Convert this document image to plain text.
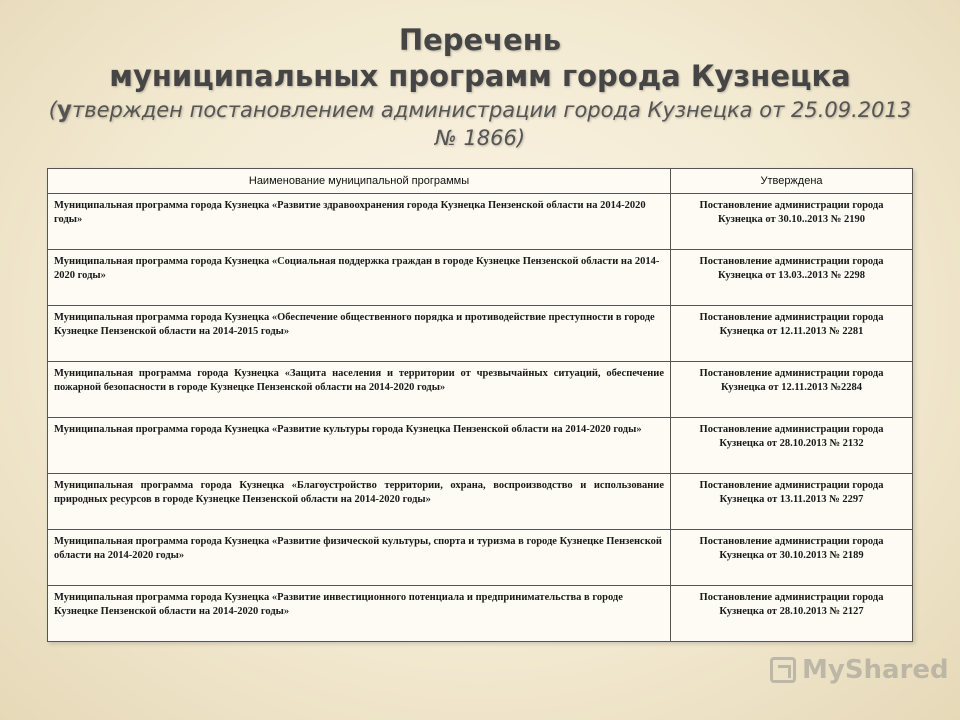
Перечень

муниципальных программ города Кузнецка

(утверждeн постановлением администрации города Кузнецка от 25.09.2013

№ 1866)

Наименование муниципальной программы	Утверждена
Муниципальная программа города Кузнецка «Развитие здравоохранения города Кузнецка Пензенской области на 2014-2020 годы»	Постановление администрации города Кузнецка от 30.10..2013 № 2190
Муниципальная программа города Кузнецка «Социальная поддержка граждан в городе Кузнецке Пензенской области на 2014-2020 годы»	Постановление администрации города Кузнецка от 13.03..2013 № 2298
Муниципальная программа города Кузнецка «Обеспечение общественного порядка и противодействие преступности в городе Кузнецке Пензенской области на 2014-2015 годы»	Постановление администрации города Кузнецка от 12.11.2013 № 2281
Муниципальная программа города Кузнецка «Защита населения и территории от чрезвычайных ситуаций, обеспечение пожарной безопасности в городе Кузнецке Пензенской области на 2014-2020 годы»	Постановление администрации города Кузнецка от 12.11.2013 №2284
Муниципальная программа города Кузнецка «Развитие культуры города Кузнецка Пензенской области на 2014-2020 годы»	Постановление администрации города Кузнецка от 28.10.2013 № 2132
Муниципальная программа города Кузнецка «Благоустройство территории, охрана, воспроизводство и использование природных ресурсов в городе Кузнецке Пензенской области на 2014-2020 годы»	Постановление администрации города Кузнецка от 13.11.2013 № 2297
Муниципальная программа города Кузнецка «Развитие физической культуры, спорта и туризма в городе Кузнецке Пензенской области на 2014-2020 годы»	Постановление администрации города Кузнецка от 30.10.2013 № 2189
Муниципальная программа города Кузнецка «Развитие инвестиционного потенциала и предпринимательства в городе Кузнецке Пензенской области на 2014-2020 годы»	Постановление администрации города Кузнецка от 28.10.2013 № 2127
MyShared
